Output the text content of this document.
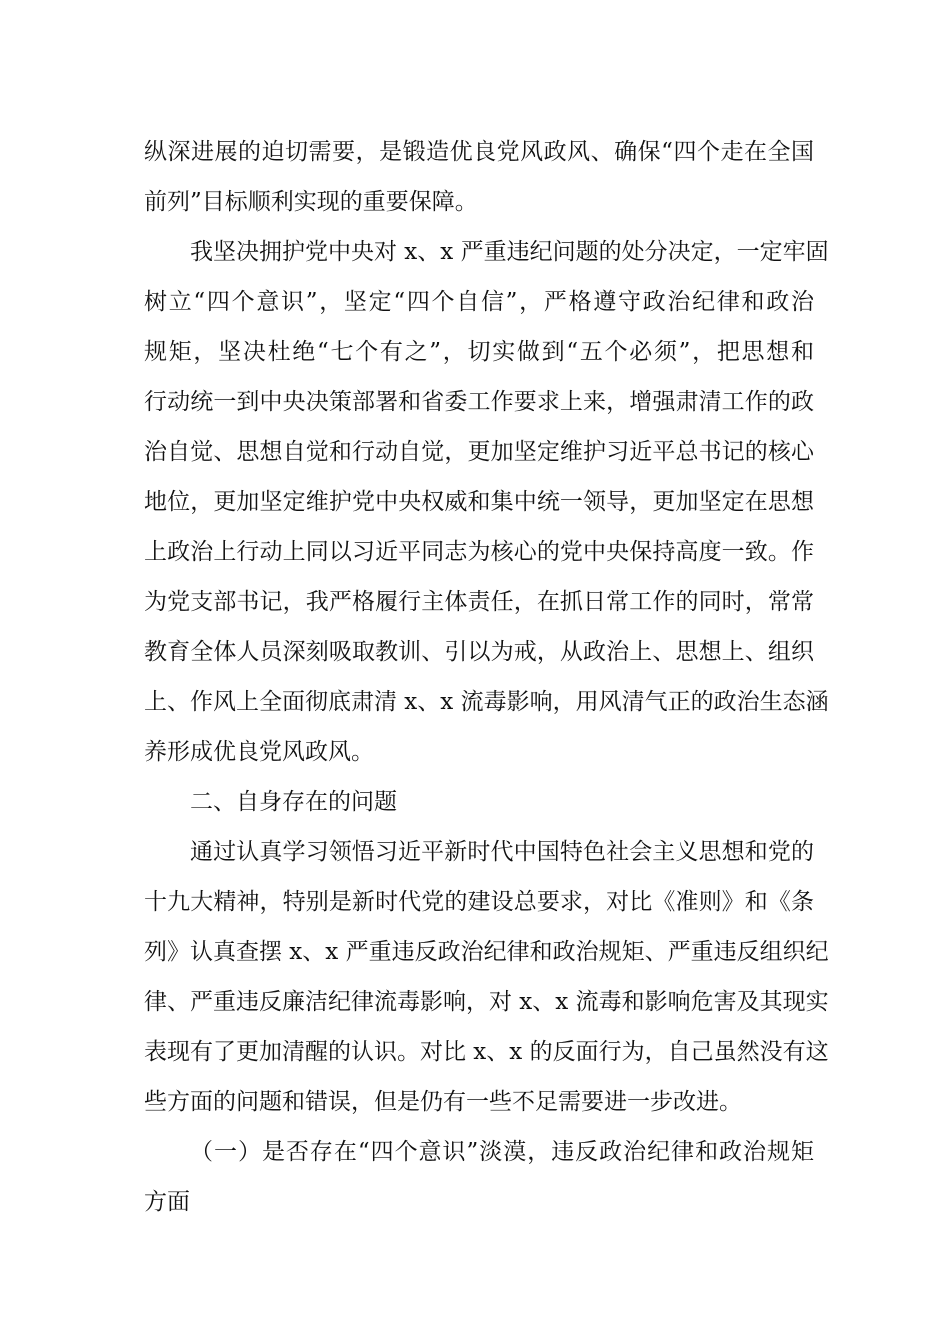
纵深进展的迫切需要，是锻造优良党风政风、确保“四个走在全国
前列”目标顺利实现的重要保障。
我坚决拥护党中央对 x、x 严重违纪问题的处分决定，一定牢固
树立“四个意识”，坚定“四个自信”，严格遵守政治纪律和政治
规矩，坚决杜绝“七个有之”，切实做到“五个必须”，把思想和
行动统一到中央决策部署和省委工作要求上来，增强肃清工作的政
治自觉、思想自觉和行动自觉，更加坚定维护习近平总书记的核心
地位，更加坚定维护党中央权威和集中统一领导，更加坚定在思想
上政治上行动上同以习近平同志为核心的党中央保持高度一致。作
为党支部书记，我严格履行主体责任，在抓日常工作的同时，常常
教育全体人员深刻吸取教训、引以为戒，从政治上、思想上、组织
上、作风上全面彻底肃清 x、x 流毒影响，用风清气正的政治生态涵
养形成优良党风政风。
二、自身存在的问题
通过认真学习领悟习近平新时代中国特色社会主义思想和党的
十九大精神，特别是新时代党的建设总要求，对比《准则》和《条
列》认真查摆 x、x 严重违反政治纪律和政治规矩、严重违反组织纪
律、严重违反廉洁纪律流毒影响，对 x、x 流毒和影响危害及其现实
表现有了更加清醒的认识。对比 x、x 的反面行为，自己虽然没有这
些方面的问题和错误，但是仍有一些不足需要进一步改进。
（一）是否存在“四个意识”淡漠，违反政治纪律和政治规矩
方面
